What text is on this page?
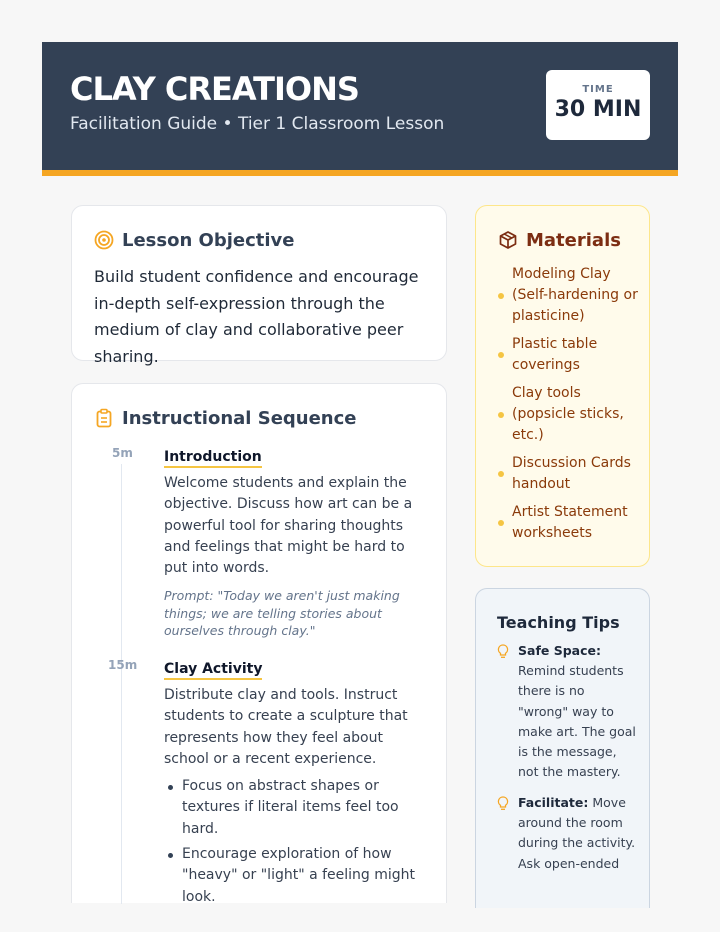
CLAY CREATIONS
Facilitation Guide • Tier 1 Classroom Lesson
TIME
30 MIN
Lesson Objective
Build student confidence and encourage in-depth self-expression through the medium of clay and collaborative peer sharing.
Instructional Sequence
5m Introduction
Welcome students and explain the objective. Discuss how art can be a powerful tool for sharing thoughts and feelings that might be hard to put into words.
Prompt: "Today we aren't just making things; we are telling stories about ourselves through clay."
15m Clay Activity
Distribute clay and tools. Instruct students to create a sculpture that represents how they feel about school or a recent experience.
Focus on abstract shapes or textures if literal items feel too hard.
Encourage exploration of how "heavy" or "light" a feeling might look.
Materials
Modeling Clay (Self-hardening or plasticine)
Plastic table coverings
Clay tools (popsicle sticks, etc.)
Discussion Cards handout
Artist Statement worksheets
Teaching Tips
Safe Space: Remind students there is no "wrong" way to make art. The goal is the message, not the mastery.
Facilitate: Move around the room during the activity. Ask open-ended
